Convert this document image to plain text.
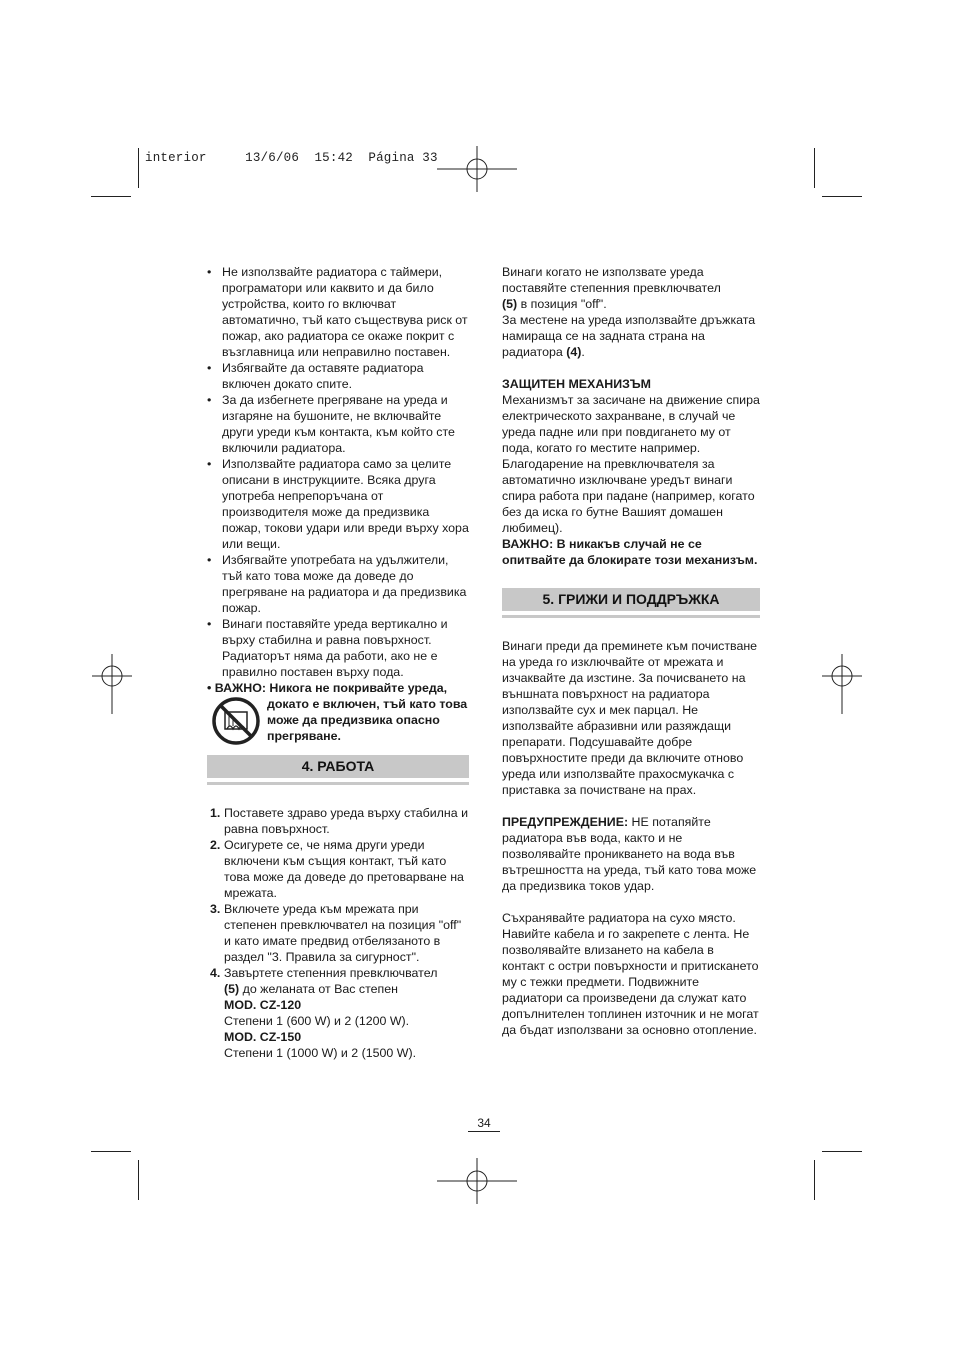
interior	13/6/06 15:42 Página 33
• Не използвайте радиатора с таймери, програматори или каквито и да било устройства, които го включват автоматично, тъй като съществува риск от пожар, ако радиатора се окаже покрит с възглавница или неправилно поставен.
• Избягвайте да оставяте радиатора включен докато спите.
• За да избегнете прегряване на уреда и изгаряне на бушоните, не включвайте други уреди към контакта, към който сте включили радиатора.
• Използвайте радиатора само за целите описани в инструкциите. Всяка друга употреба непрепоръчана от производителя може да предизвика пожар, токови удари или вреди върху хора или вещи.
• Избягвайте употребата на удължители, тъй като това може да доведе до прегряване на радиатора и да предизвика пожар.
• Винаги поставяйте уреда вертикално и върху стабилна и равна повърхност. Радиаторът няма да работи, ако не е правилно поставен върху пода.
• ВАЖНО: Никога не покривайте уреда,
докато е включен, тъй като това може да предизвика опасно прегряване.
4. РАБОТА
1. Поставете здраво уреда върху стабилна и равна повърхност.
2. Осигурете се, че няма други уреди включени към същия контакт, тъй като това може да доведе до претоварване на мрежата.
3. Включете уреда към мрежата при степенен превключвател на позиция "off" и като имате предвид отбелязаното в раздел "3. Правила за сигурност".
4. Завъртете степенния превключвател
(5) до желаната от Вас степен
MOD. CZ-120
Степени 1 (600 W) и 2 (1200 W).
MOD. CZ-150
Степени 1 (1000 W) и 2 (1500 W).

Винаги когато не използвате уреда поставяйте степенния превключвател
(5) в позиция "off".

За местене на уреда използвайте дръжката намираща се на задната страна на радиатора (4).

ЗАЩИТЕН МЕХАНИЗЪМ

Механизмът за засичане на движение спира електрическото захранване, в случай че уреда падне или при повдигането му от пода, когато го местите например. Благодарение на превключвателя за автоматично изключване уредът винаги спира работа при падане (например, когато без да иска го бутне Вашият домашен любимец).

ВАЖНО: В никакъв случай не се опитвайте да блокирате този механизъм.

5. ГРИЖИ И ПОДДРЪЖКА

Винаги преди да преминете към почистване на уреда го изключвайте от мрежата и изчаквайте да изстине. За почисването на външната повърхност на радиатора използвайте сух и мек парцал. Не използвайте абразивни или разяждащи препарати. Подсушавайте добре повърхностите преди да включите отново уреда или използвайте прахосмукачка с приставка за почистване на прах.

ПРЕДУПРЕЖДЕНИЕ: НЕ потапяйте радиатора във вода, както и не позволявайте проникването на вода във вътрешността на уреда, тъй като това може да предизвика токов удар.

Съхранявайте радиатора на сухо място. Навийте кабела и го закрепете с лента. Не позволявайте влизането на кабела в контакт с остри повърхности и притискането му с тежки предмети. Подвижните радиатори са произведени да служат като допълнителен топлинен източник и не могат да бъдат използвани за основно отопление.

34
